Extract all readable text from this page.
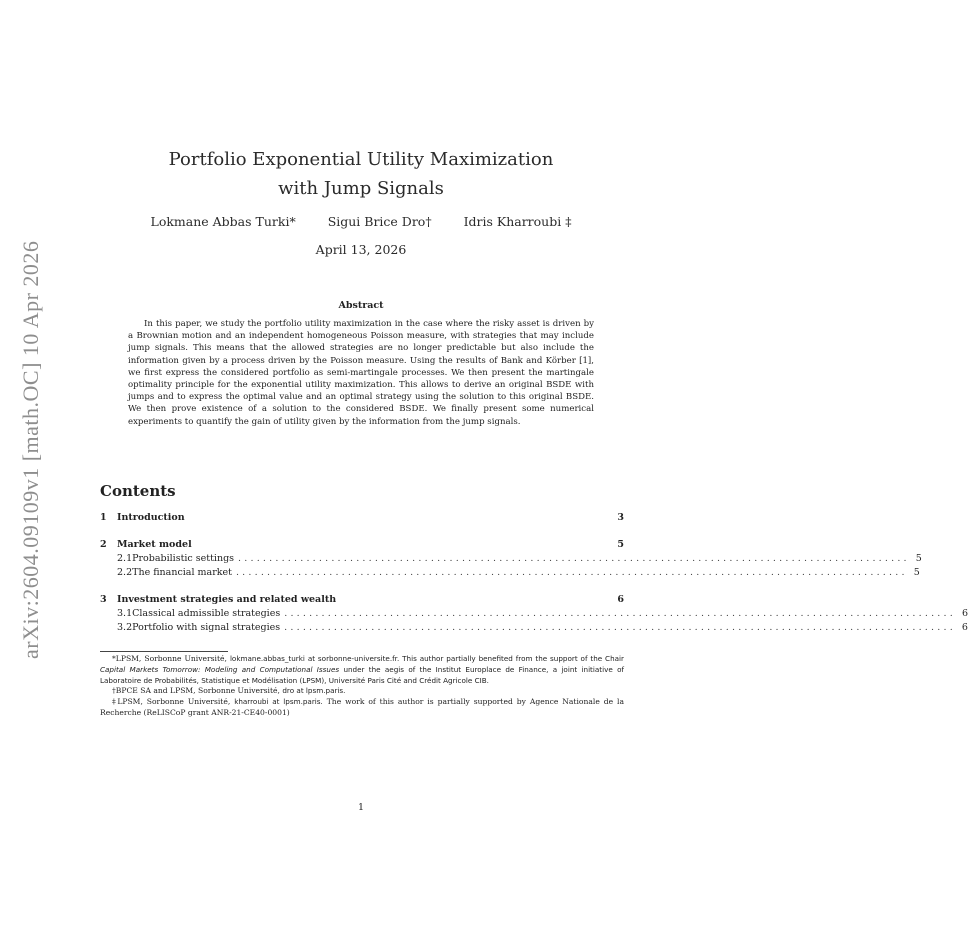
arXiv:2604.09109v1 [math.OC] 10 Apr 2026
Portfolio Exponential Utility Maximization
with Jump Signals
Lokmane Abbas Turki*	Sigui Brice Dro†	Idris Kharroubi ‡
April 13, 2026
Abstract
In this paper, we study the portfolio utility maximization in the case where the risky asset is driven by a Brownian motion and an independent homogeneous Poisson measure, with strategies that may include jump signals. This means that the allowed strategies are no longer predictable but also include the information given by a process driven by the Poisson measure. Using the results of Bank and Körber [1], we first express the considered portfolio as semi-martingale processes. We then present the martingale optimality principle for the exponential utility maximization. This allows to derive an original BSDE with jumps and to express the optimal value and an optimal strategy using the solution to this original BSDE. We then prove existence of a solution to the considered BSDE. We finally present some numerical experiments to quantify the gain of utility given by the information from the jump signals.
Contents
1	Introduction	3
2	Market model	5
2.1 Probabilistic settings ............................................................................................................ 5
2.2 The financial market ............................................................................................................ 5
3	Investment strategies and related wealth	6
3.1 Classical admissible strategies ............................................................................................................ 6
3.2 Portfolio with signal strategies ............................................................................................................ 6
*LPSM, Sorbonne Université, lokmane.abbas_turki at sorbonne-universite.fr. This author partially benefited from the support of the Chair Capital Markets Tomorrow: Modeling and Computational Issues under the aegis of the Institut Europlace de Finance, a joint initiative of Laboratoire de Probabilités, Statistique et Modélisation (LPSM), Université Paris Cité and Crédit Agricole CIB.
†BPCE SA and LPSM, Sorbonne Université, dro at lpsm.paris.
‡LPSM, Sorbonne Université, kharroubi at lpsm.paris. The work of this author is partially supported by Agence Nationale de la Recherche (ReLISCoP grant ANR-21-CE40-0001)
1
